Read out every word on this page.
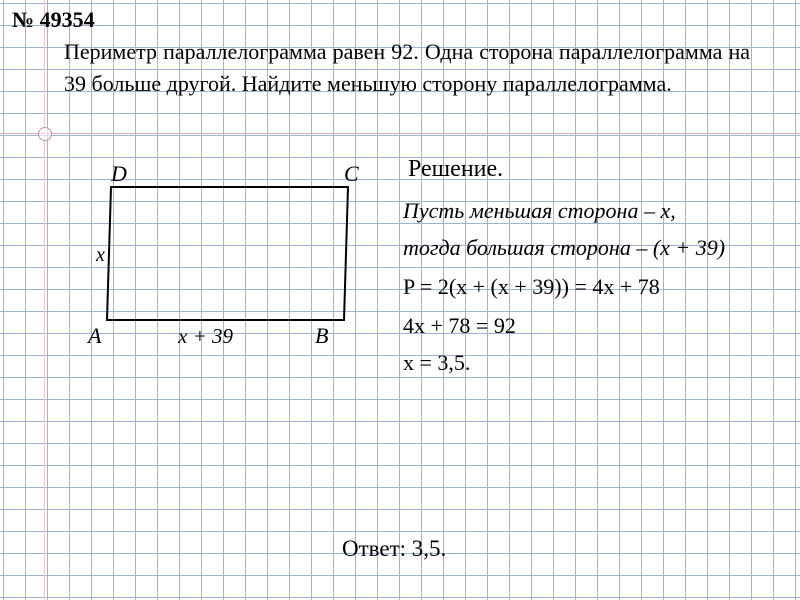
№ 49354
Периметр параллелограмма равен 92. Одна сторона параллелограмма на 39 больше другой. Найдите меньшую сторону параллелограмма.
D	C
A	B
x
x + 39
Решение.
Пусть меньшая сторона – x,
тогда большая сторона – (x + 39)
P = 2(x + (x + 39)) = 4x + 78
4x + 78 = 92
x = 3,5.
Ответ: 3,5.
